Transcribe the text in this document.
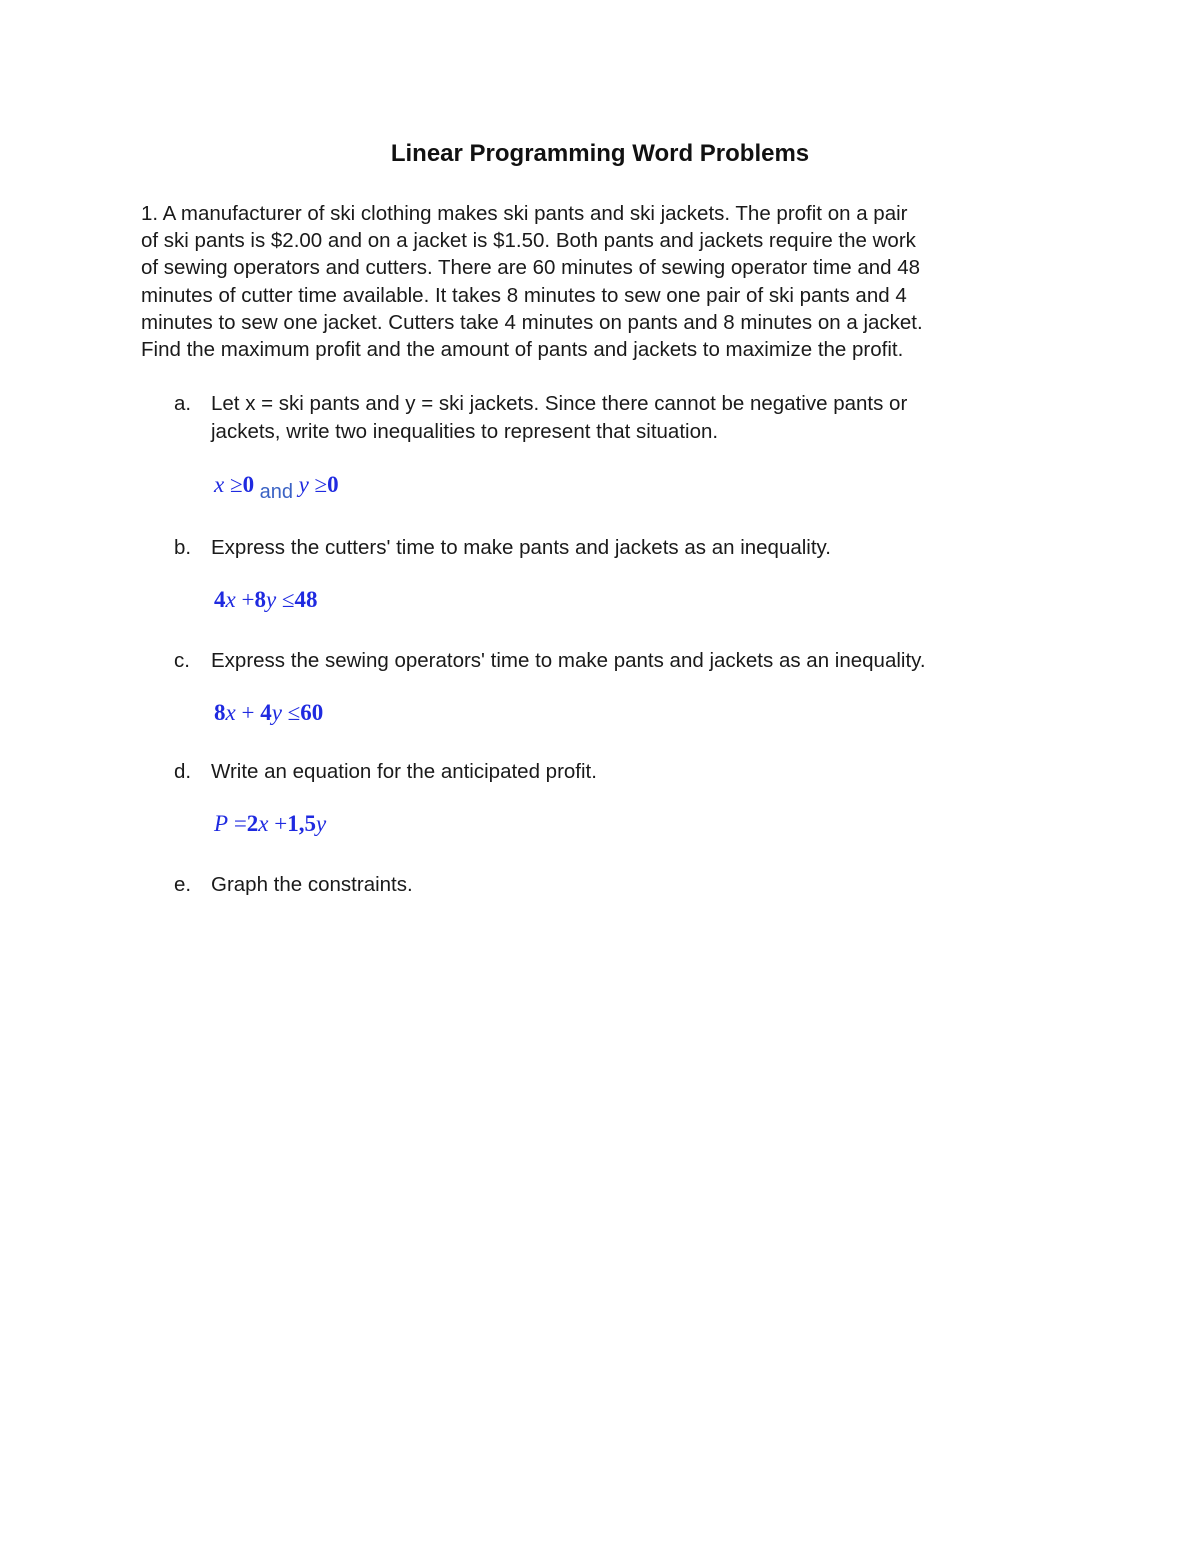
Linear Programming Word Problems
1. A manufacturer of ski clothing makes ski pants and ski jackets. The profit on a pair
of ski pants is $2.00 and on a jacket is $1.50. Both pants and jackets require the work
of sewing operators and cutters. There are 60 minutes of sewing operator time and 48
minutes of cutter time available. It takes 8 minutes to sew one pair of ski pants and 4
minutes to sew one jacket. Cutters take 4 minutes on pants and 8 minutes on a jacket.
Find the maximum profit and the amount of pants and jackets to maximize the profit.
a. Let x = ski pants and y = ski jackets. Since there cannot be negative pants or
jackets, write two inequalities to represent that situation.
x ≥0 and y ≥0
b. Express the cutters' time to make pants and jackets as an inequality.
4x +8y ≤48
c.	Express the sewing operators' time to make pants and jackets as an inequality.
8x + 4y ≤60
d. Write an equation for the anticipated profit.
P =2x +1,5y
e. Graph the constraints.
